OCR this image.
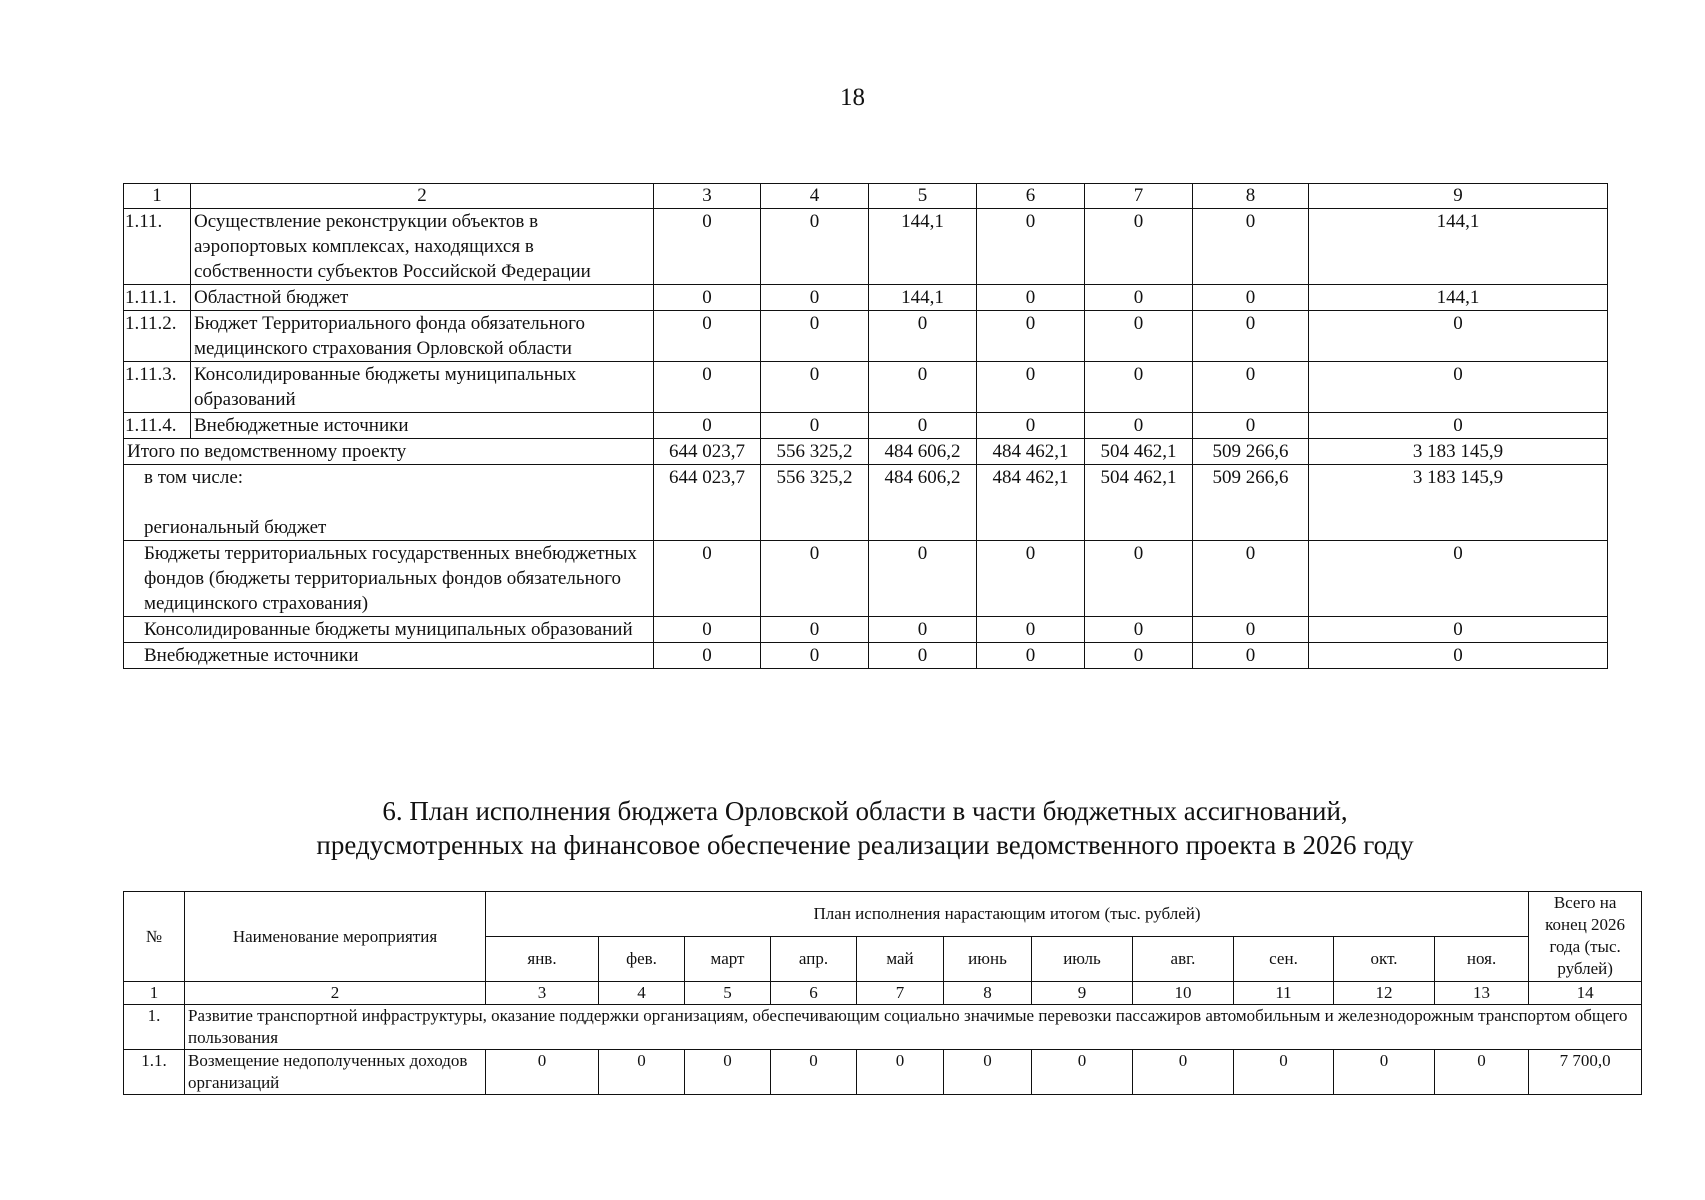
18
1	2	3	4	5	6	7	8	9
1.11.	Осуществление реконструкции объектов в аэропортовых комплексах, находящихся в собственности субъектов Российской Федерации	0	0	144,1	0	0	0	144,1
1.11.1.	Областной бюджет	0	0	144,1	0	0	0	144,1
1.11.2.	Бюджет Территориального фонда обязательного медицинского страхования Орловской области	0	0	0	0	0	0	0
1.11.3.	Консолидированные бюджеты муниципальных образований	0	0	0	0	0	0	0
1.11.4.	Внебюджетные источники	0	0	0	0	0	0	0
Итого по ведомственному проекту		644 023,7	556 325,2	484 606,2	484 462,1	504 462,1	509 266,6	3 183 145,9
в том числе:
региональный бюджет		644 023,7	556 325,2	484 606,2	484 462,1	504 462,1	509 266,6	3 183 145,9
Бюджеты территориальных государственных внебюджетных фондов (бюджеты территориальных фондов обязательного медицинского страхования)		0	0	0	0	0	0	0
Консолидированные бюджеты муниципальных образований		0	0	0	0	0	0	0
Внебюджетные источники		0	0	0	0	0	0	0
6. План исполнения бюджета Орловской области в части бюджетных ассигнований,
предусмотренных на финансовое обеспечение реализации ведомственного проекта в 2026 году
№	Наименование мероприятия	План исполнения нарастающим итогом (тыс. рублей)											Всего на конец 2026 года (тыс. рублей)
		янв.	фев.	март	апр.	май	июнь	июль	авг.	сен.	окт.	ноя.	
1	2	3	4	5	6	7	8	9	10	11	12	13	14
1.	Развитие транспортной инфраструктуры, оказание поддержки организациям, обеспечивающим социально значимые перевозки пассажиров автомобильным и железнодорожным транспортом общего пользования												
1.1.	Возмещение недополученных доходов организаций	0	0	0	0	0	0	0	0	0	0	0	7 700,0
